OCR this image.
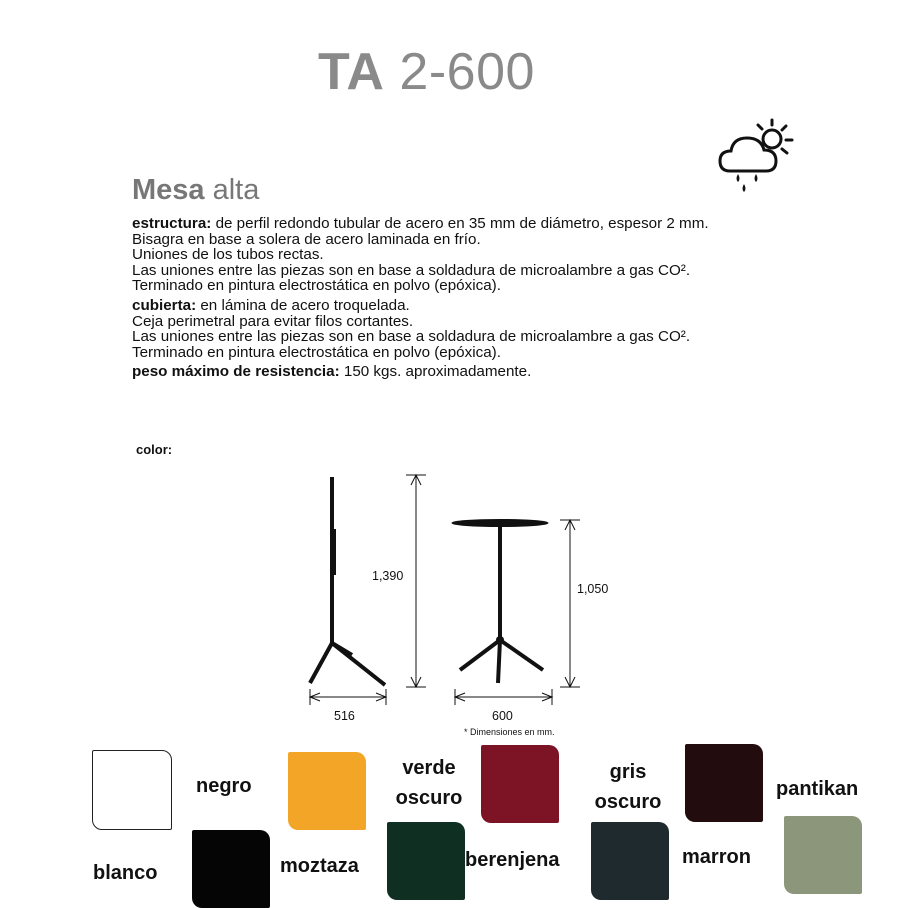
TA 2-600
Mesa alta

estructura: de perfil redondo tubular de acero en 35 mm de diámetro, espesor 2 mm.

Bisagra en base a solera de acero laminada en frío.

Uniones de los tubos rectas.

Las uniones entre las piezas son en base a soldadura de microalambre a gas CO².

Terminado en pintura electrostática en polvo (epóxica).

cubierta: en lámina de acero troquelada.

Ceja perimetral para evitar filos cortantes.

Las uniones entre las piezas son en base a soldadura de microalambre a gas CO².

Terminado en pintura electrostática en polvo (epóxica).

peso máximo de resistencia: 150 kgs. aproximadamente.

color:
1,390
516
1,050
600
* Dimensiones en mm.
blanco
negro
moztaza
verde oscuro
berenjena
gris oscuro
marron
pantikan
